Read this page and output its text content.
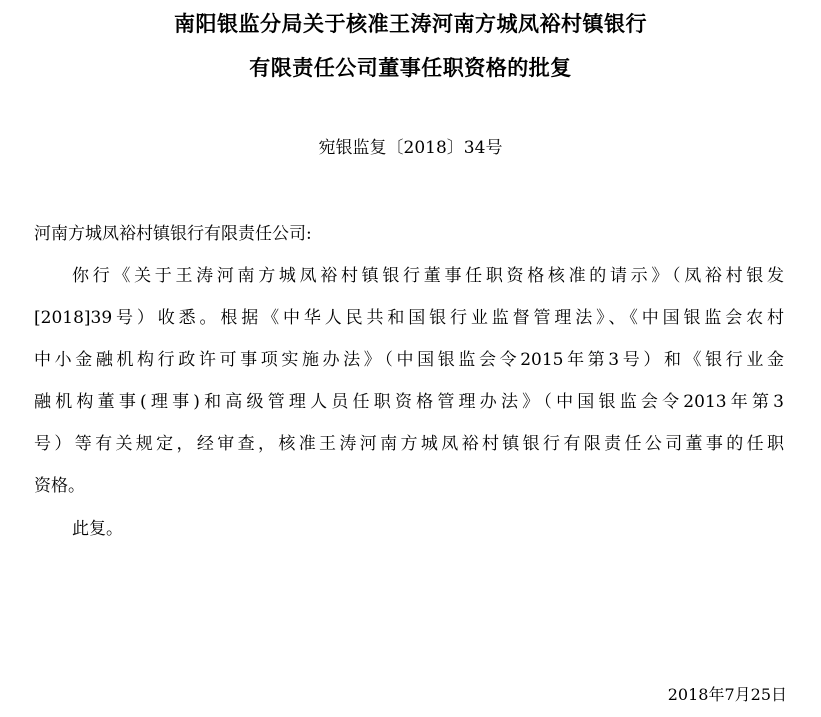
南阳银监分局关于核准王涛河南方城凤裕村镇银行
有限责任公司董事任职资格的批复
宛银监复〔2018〕34号
河南方城凤裕村镇银行有限责任公司:
你行《关于王涛河南方城凤裕村镇银行董事任职资格核准的请示》（凤裕村银发
[2018]39号）收悉。根据《中华人民共和国银行业监督管理法》、《中国银监会农村
中小金融机构行政许可事项实施办法》（中国银监会令2015年第3号）和《银行业金
融机构董事(理事)和高级管理人员任职资格管理办法》（中国银监会令2013年第3
号）等有关规定，经审查，核准王涛河南方城凤裕村镇银行有限责任公司董事的任职
资格。
此复。
2018年7月25日
